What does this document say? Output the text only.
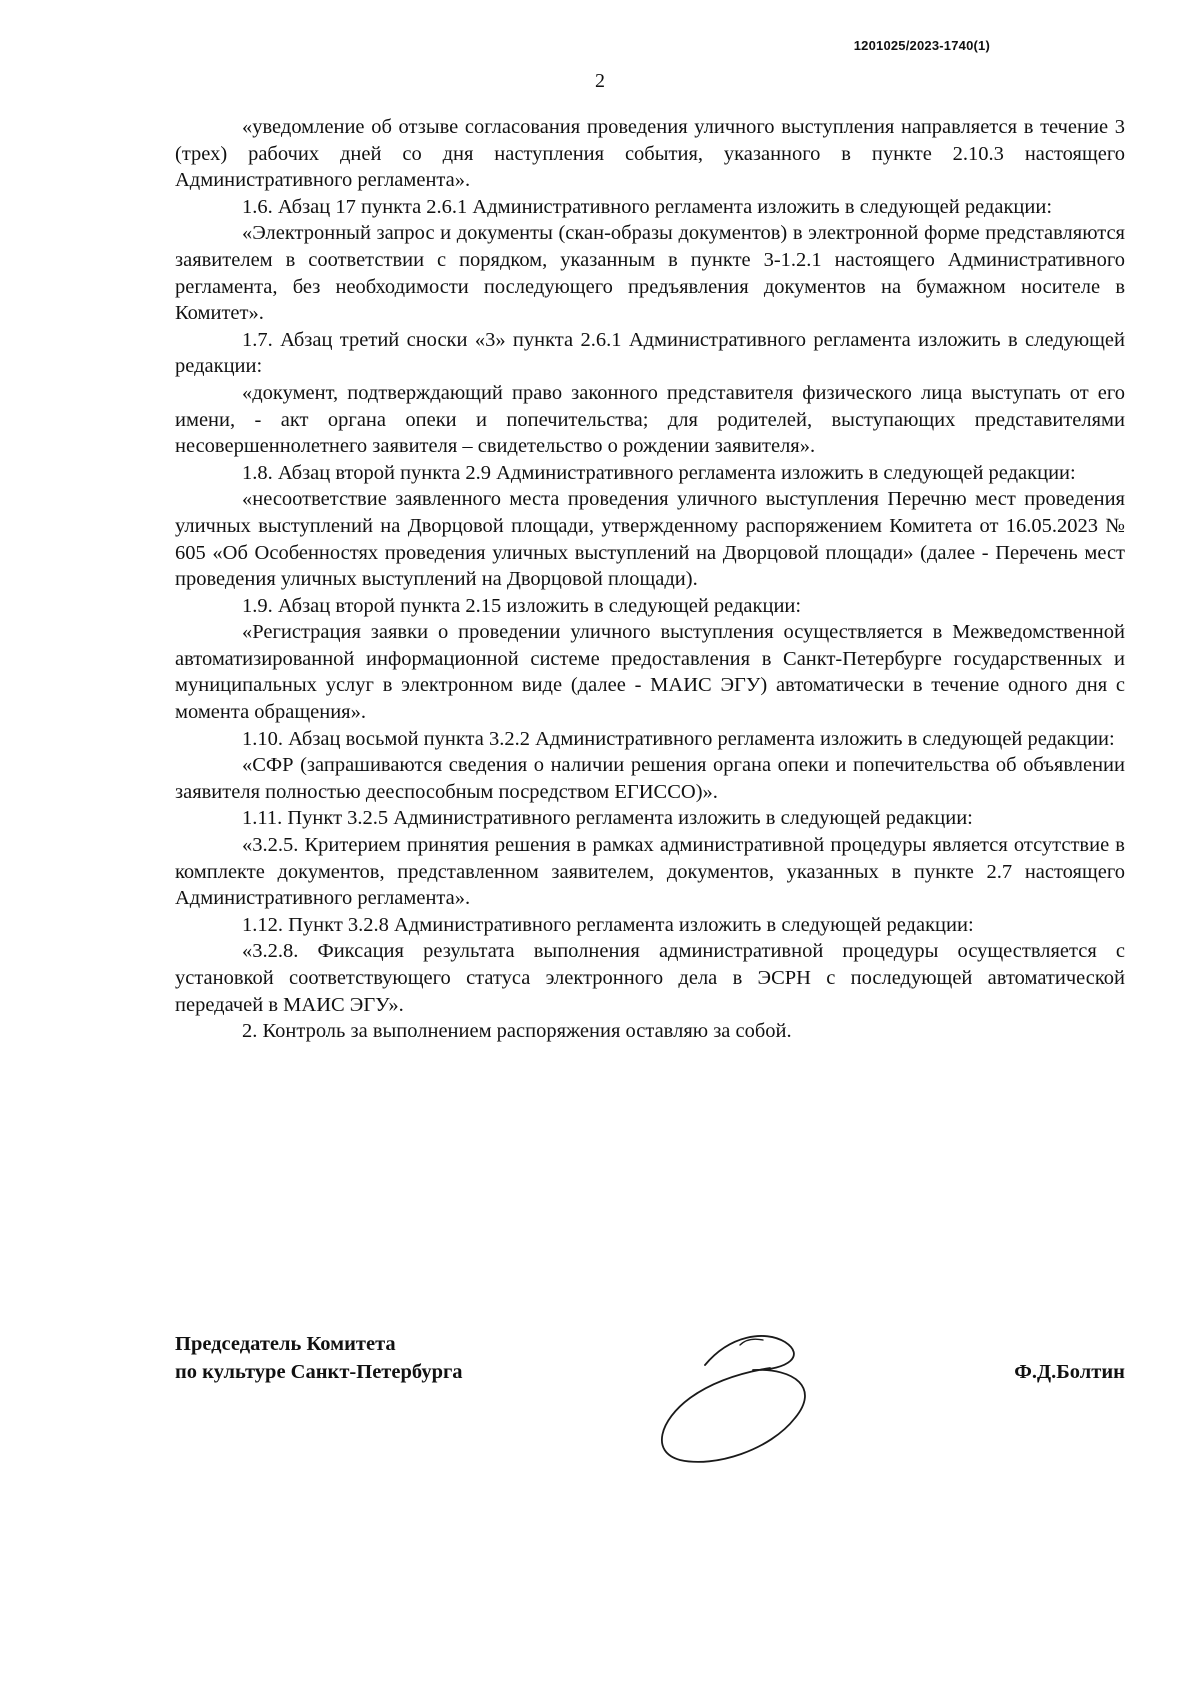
1201025/2023-1740(1)
2

«уведомление об отзыве согласования проведения уличного выступления направляется в течение 3 (трех) рабочих дней со дня наступления события, указанного в пункте 2.10.3 настоящего Административного регламента».

1.6. Абзац 17 пункта 2.6.1 Административного регламента изложить в следующей редакции:

«Электронный запрос и документы (скан-образы документов) в электронной форме представляются заявителем в соответствии с порядком, указанным в пункте 3-1.2.1 настоящего Административного регламента, без необходимости последующего предъявления документов на бумажном носителе в Комитет».

1.7. Абзац третий сноски «3» пункта 2.6.1 Административного регламента изложить в следующей редакции:

«документ, подтверждающий право законного представителя физического лица выступать от его имени, - акт органа опеки и попечительства; для родителей, выступающих представителями несовершеннолетнего заявителя – свидетельство о рождении заявителя».

1.8. Абзац второй пункта 2.9 Административного регламента изложить в следующей редакции:

«несоответствие заявленного места проведения уличного выступления Перечню мест проведения уличных выступлений на Дворцовой площади, утвержденному распоряжением Комитета от 16.05.2023 № 605 «Об Особенностях проведения уличных выступлений на Дворцовой площади» (далее - Перечень мест проведения уличных выступлений на Дворцовой площади).

1.9. Абзац второй пункта 2.15 изложить в следующей редакции:

«Регистрация заявки о проведении уличного выступления осуществляется в Межведомственной автоматизированной информационной системе предоставления в Санкт-Петербурге государственных и муниципальных услуг в электронном виде (далее - МАИС ЭГУ) автоматически в течение одного дня с момента обращения».

1.10. Абзац восьмой пункта 3.2.2 Административного регламента изложить в следующей редакции:

«СФР (запрашиваются сведения о наличии решения органа опеки и попечительства об объявлении заявителя полностью дееспособным посредством ЕГИССО)».

1.11. Пункт 3.2.5 Административного регламента изложить в следующей редакции:

«3.2.5. Критерием принятия решения в рамках административной процедуры является отсутствие в комплекте документов, представленном заявителем, документов, указанных в пункте 2.7 настоящего Административного регламента».

1.12. Пункт 3.2.8 Административного регламента изложить в следующей редакции:

«3.2.8. Фиксация результата выполнения административной процедуры осуществляется с установкой соответствующего статуса электронного дела в ЭСРН с последующей автоматической передачей в МАИС ЭГУ».

2. Контроль за выполнением распоряжения оставляю за собой.

Председатель Комитета
по культуре Санкт-Петербурга	Ф.Д.Болтин
